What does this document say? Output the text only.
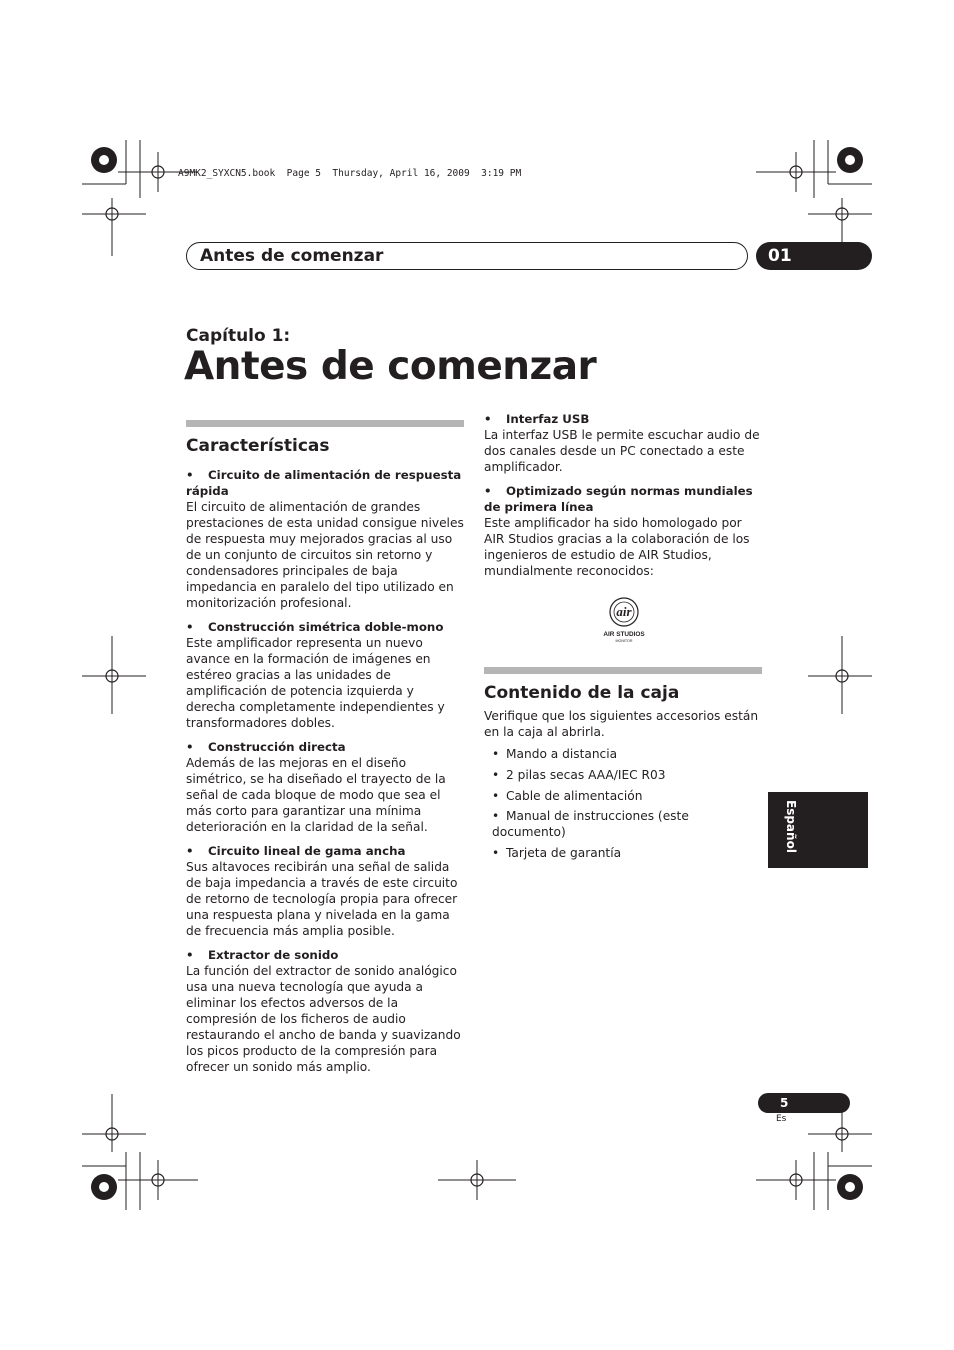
A9MK2_SYXCN5.book  Page 5  Thursday, April 16, 2009  3:19 PM
Antes de comenzar	01
Capítulo 1:
Antes de comenzar
Características
• Circuito de alimentación de respuesta rápida

El circuito de alimentación de grandes prestaciones de esta unidad consigue niveles de respuesta muy mejorados gracias al uso de un conjunto de circuitos sin retorno y condensadores principales de baja impedancia en paralelo del tipo utilizado en monitorización profesional.

• Construcción simétrica doble-mono

Este amplificador representa un nuevo avance en la formación de imágenes en estéreo gracias a las unidades de amplificación de potencia izquierda y derecha completamente independientes y transformadores dobles.

• Construcción directa

Además de las mejoras en el diseño simétrico, se ha diseñado el trayecto de la señal de cada bloque de modo que sea el más corto para garantizar una mínima deterioración en la claridad de la señal.

• Circuito lineal de gama ancha

Sus altavoces recibirán una señal de salida de baja impedancia a través de este circuito de retorno de tecnología propia para ofrecer una respuesta plana y nivelada en la gama de frecuencia más amplia posible.

• Extractor de sonido

La función del extractor de sonido analógico usa una nueva tecnología que ayuda a eliminar los efectos adversos de la compresión de los ficheros de audio restaurando el ancho de banda y suavizando los picos producto de la compresión para ofrecer un sonido más amplio.

• Interfaz USB

La interfaz USB le permite escuchar audio de dos canales desde un PC conectado a este amplificador.

• Optimizado según normas mundiales de primera línea

Este amplificador ha sido homologado por AIR Studios gracias a la colaboración de los ingenieros de estudio de AIR Studios, mundialmente reconocidos:

air
AIR STUDIOS
MONITOR
Contenido de la caja

Verifique que los siguientes accesorios están en la caja al abrirla.

• Mando a distancia
• 2 pilas secas AAA/IEC R03
• Cable de alimentación
• Manual de instrucciones (este documento)
• Tarjeta de garantía
Español
5
Es
